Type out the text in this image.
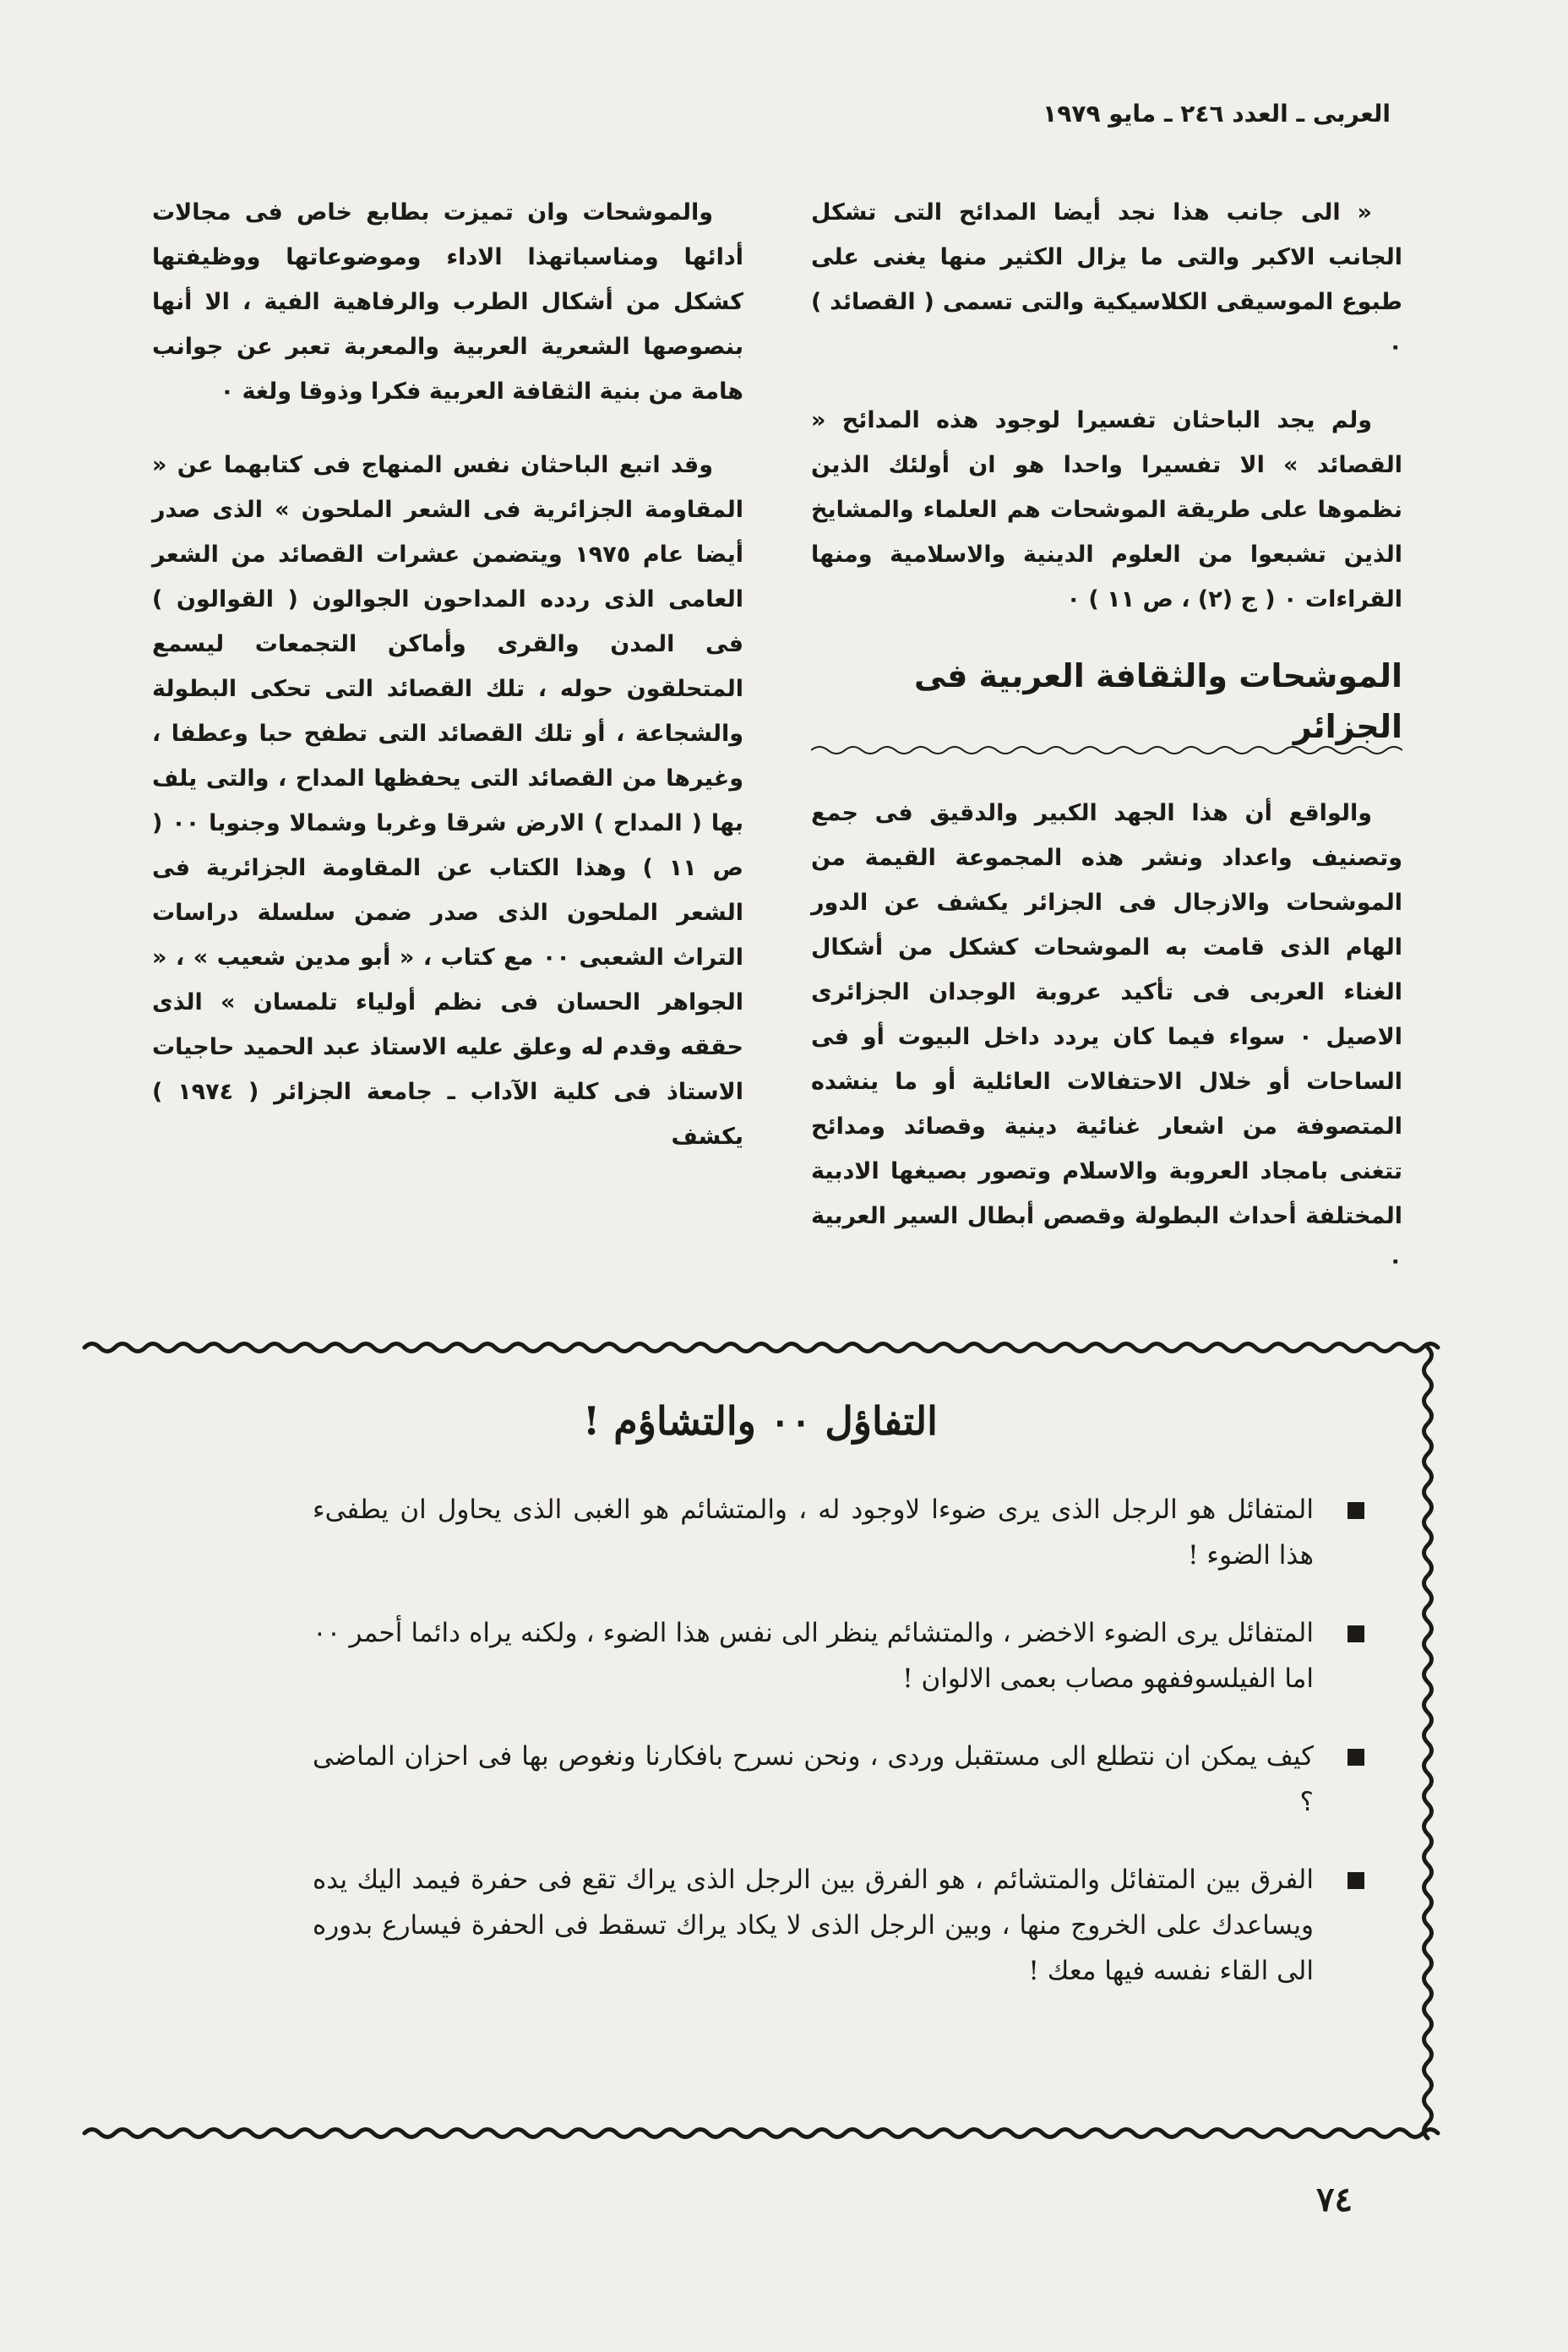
العربى ـ العدد ٢٤٦ ـ مايو ١٩٧٩

« الى جانب هذا نجد أيضا المدائح التى تشكل الجانب الاكبر والتى ما يزال الكثير منها يغنى على طبوع الموسيقى الكلاسيكية والتى تسمى ( القصائد ) ٠

ولم يجد الباحثان تفسيرا لوجود هذه المدائح « القصائد » الا تفسيرا واحدا هو ان أولئك الذين نظموها على طريقة الموشحات هم العلماء والمشايخ الذين تشبعوا من العلوم الدينية والاسلامية ومنها القراءات ٠ ( ج (٢) ، ص ١١ ) ٠

الموشحات والثقافة العربية فى الجزائر

والواقع أن هذا الجهد الكبير والدقيق فى جمع وتصنيف واعداد ونشر هذه المجموعة القيمة من الموشحات والازجال فى الجزائر يكشف عن الدور الهام الذى قامت به الموشحات كشكل من أشكال الغناء العربى فى تأكيد عروبة الوجدان الجزائرى الاصيل ٠ سواء فيما كان يردد داخل البيوت أو فى الساحات أو خلال الاحتفالات العائلية أو ما ينشده المتصوفة من اشعار غنائية دينية وقصائد ومدائح تتغنى بامجاد العروبة والاسلام وتصور بصيغها الادبية المختلفة أحداث البطولة وقصص أبطال السير العربية ٠

والموشحات وان تميزت بطابع خاص فى مجالات أدائها ومناسباتهذا الاداء وموضوعاتها ووظيفتها كشكل من أشكال الطرب والرفاهية الفية ، الا أنها بنصوصها الشعرية العربية والمعربة تعبر عن جوانب هامة من بنية الثقافة العربية فكرا وذوقا ولغة ٠

وقد اتبع الباحثان نفس المنهاج فى كتابهما عن « المقاومة الجزائرية فى الشعر الملحون » الذى صدر أيضا عام ١٩٧٥ ويتضمن عشرات القصائد من الشعر العامى الذى ردده المداحون الجوالون ( القوالون ) فى المدن والقرى وأماكن التجمعات ليسمع المتحلقون حوله ، تلك القصائد التى تحكى البطولة والشجاعة ، أو تلك القصائد التى تطفح حبا وعطفا ، وغيرها من القصائد التى يحفظها المداح ، والتى يلف بها ( المداح ) الارض شرقا وغربا وشمالا وجنوبا ٠٠ ( ص ١١ ) وهذا الكتاب عن المقاومة الجزائرية فى الشعر الملحون الذى صدر ضمن سلسلة دراسات التراث الشعبى ٠٠ مع كتاب ، « أبو مدين شعيب » ، « الجواهر الحسان فى نظم أولياء تلمسان » الذى حققه وقدم له وعلق عليه الاستاذ عبد الحميد حاجيات الاستاذ فى كلية الآداب ـ جامعة الجزائر ( ١٩٧٤ ) يكشف

التفاؤل ٠٠ والتشاؤم !
المتفائل هو الرجل الذى يرى ضوءا لاوجود له ، والمتشائم هو الغبى الذى يحاول ان يطفىء هذا الضوء !
المتفائل يرى الضوء الاخضر ، والمتشائم ينظر الى نفس هذا الضوء ، ولكنه يراه دائما أحمر ٠٠ اما الفيلسوففهو مصاب بعمى الالوان !
كيف يمكن ان نتطلع الى مستقبل وردى ، ونحن نسرح بافكارنا ونغوص بها فى احزان الماضى ؟
الفرق بين المتفائل والمتشائم ، هو الفرق بين الرجل الذى يراك تقع فى حفرة فيمد اليك يده ويساعدك على الخروج منها ، وبين الرجل الذى لا يكاد يراك تسقط فى الحفرة فيسارع بدوره الى القاء نفسه فيها معك !
٧٤
